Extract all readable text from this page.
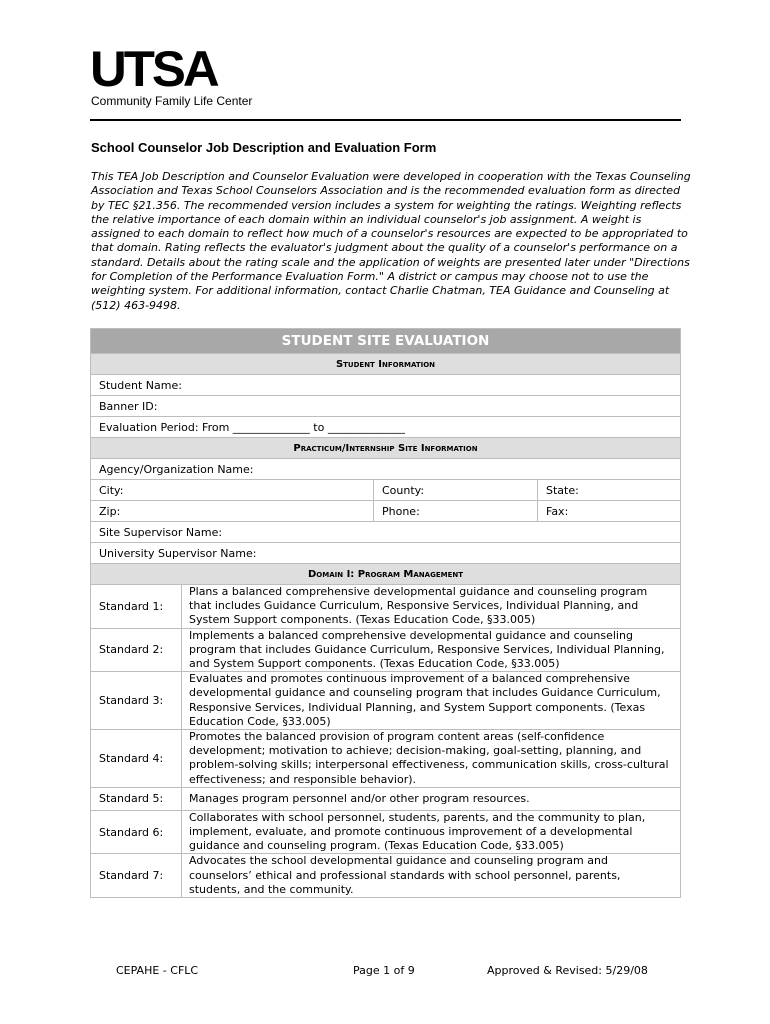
UTSA
Community Family Life Center
School Counselor Job Description and Evaluation Form
This TEA Job Description and Counselor Evaluation were developed in cooperation with the Texas Counseling Association and Texas School Counselors Association and is the recommended evaluation form as directed by TEC §21.356. The recommended version includes a system for weighting the ratings. Weighting reflects the relative importance of each domain within an individual counselor's job assignment. A weight is assigned to each domain to reflect how much of a counselor's resources are expected to be appropriated to that domain. Rating reflects the evaluator's judgment about the quality of a counselor's performance on a standard. Details about the rating scale and the application of weights are presented later under "Directions for Completion of the Performance Evaluation Form." A district or campus may choose not to use the weighting system. For additional information, contact Charlie Chatman, TEA Guidance and Counseling at (512) 463-9498.
STUDENT SITE EVALUATION			
Student Information			
Student Name:			
Banner ID:			
Evaluation Period: From ______________ to ______________			
Practicum/Internship Site Information			
Agency/Organization Name:			
City:		County:	State:
Zip:		Phone:	Fax:
Site Supervisor Name:			
University Supervisor Name:			
Domain I: Program Management			
Standard 1:	Plans a balanced comprehensive developmental guidance and counseling program that includes Guidance Curriculum, Responsive Services, Individual Planning, and System Support components. (Texas Education Code, §33.005)		
Standard 2:	Implements a balanced comprehensive developmental guidance and counseling program that includes Guidance Curriculum, Responsive Services, Individual Planning, and System Support components. (Texas Education Code, §33.005)		
Standard 3:	Evaluates and promotes continuous improvement of a balanced comprehensive developmental guidance and counseling program that includes Guidance Curriculum, Responsive Services, Individual Planning, and System Support components. (Texas Education Code, §33.005)		
Standard 4:	Promotes the balanced provision of program content areas (self-confidence development; motivation to achieve; decision-making, goal-setting, planning, and problem-solving skills; interpersonal effectiveness, communication skills, cross-cultural effectiveness; and responsible behavior).		
Standard 5:	Manages program personnel and/or other program resources.		
Standard 6:	Collaborates with school personnel, students, parents, and the community to plan, implement, evaluate, and promote continuous improvement of a developmental guidance and counseling program. (Texas Education Code, §33.005)		
Standard 7:	Advocates the school developmental guidance and counseling program and counselors’ ethical and professional standards with school personnel, parents, students, and the community.		
CEPAHE - CFLC	Page 1 of 9	Approved & Revised: 5/29/08
